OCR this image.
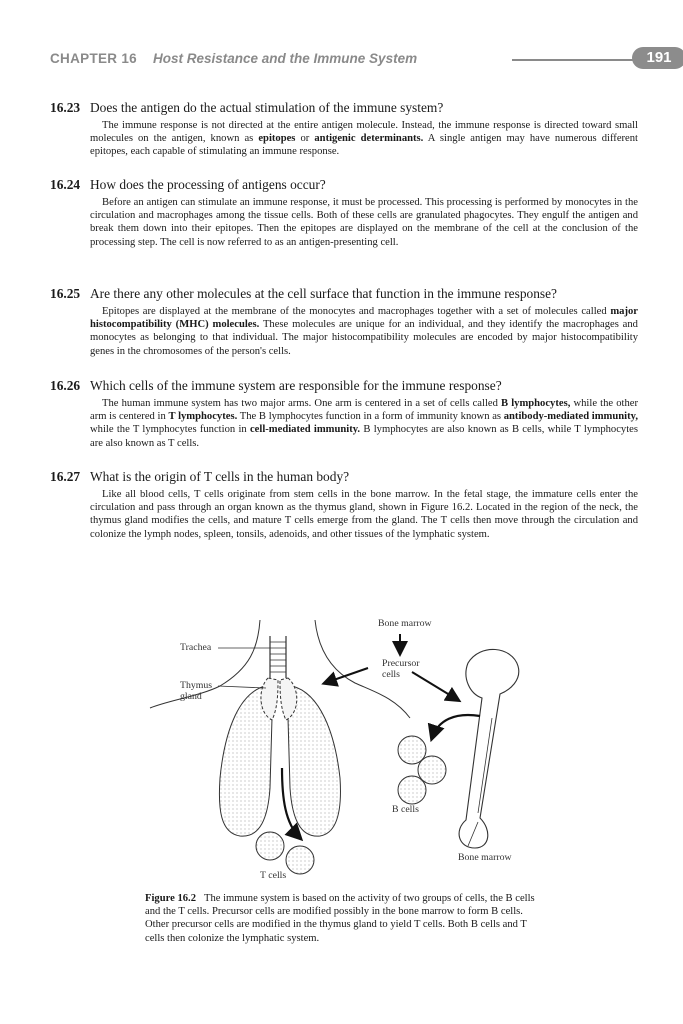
CHAPTER 16 Host Resistance and the Immune System	191
16.23 Does the antigen do the actual stimulation of the immune system?

The immune response is not directed at the entire antigen molecule. Instead, the immune response is directed toward small molecules on the antigen, known as epitopes or antigenic determinants. A single antigen may have numerous different epitopes, each capable of stimulating an immune response.

16.24 How does the processing of antigens occur?

Before an antigen can stimulate an immune response, it must be processed. This processing is performed by monocytes in the circulation and macrophages among the tissue cells. Both of these cells are granulated phagocytes. They engulf the antigen and break them down into their epitopes. Then the epitopes are displayed on the membrane of the cell at the conclusion of the processing step. The cell is now referred to as an antigen-presenting cell.

16.25 Are there any other molecules at the cell surface that function in the immune response?

Epitopes are displayed at the membrane of the monocytes and macrophages together with a set of molecules called major histocompatibility (MHC) molecules. These molecules are unique for an individual, and they identify the macrophages and monocytes as belonging to that individual. The major histocompatibility molecules are encoded by major histocompatibility genes in the chromosomes of the person's cells.

16.26 Which cells of the immune system are responsible for the immune response?

The human immune system has two major arms. One arm is centered in a set of cells called B lymphocytes, while the other arm is centered in T lymphocytes. The B lymphocytes function in a form of immunity known as antibody-mediated immunity, while the T lymphocytes function in cell-mediated immunity. B lymphocytes are also known as B cells, while T lymphocytes are also known as T cells.

16.27 What is the origin of T cells in the human body?

Like all blood cells, T cells originate from stem cells in the bone marrow. In the fetal stage, the immature cells enter the circulation and pass through an organ known as the thymus gland, shown in Figure 16.2. Located in the region of the neck, the thymus gland modifies the cells, and mature T cells emerge from the gland. The T cells then move through the circulation and colonize the lymph nodes, spleen, tonsils, adenoids, and other tissues of the lymphatic system.

Bone marrow
Precursor cells
Trachea
Thymus gland
B cells
Bone marrow
T cells
Figure 16.2 The immune system is based on the activity of two groups of cells, the B cells and the T cells. Precursor cells are modified possibly in the bone marrow to form B cells. Other precursor cells are modified in the thymus gland to yield T cells. Both B cells and T cells then colonize the lymphatic system.
